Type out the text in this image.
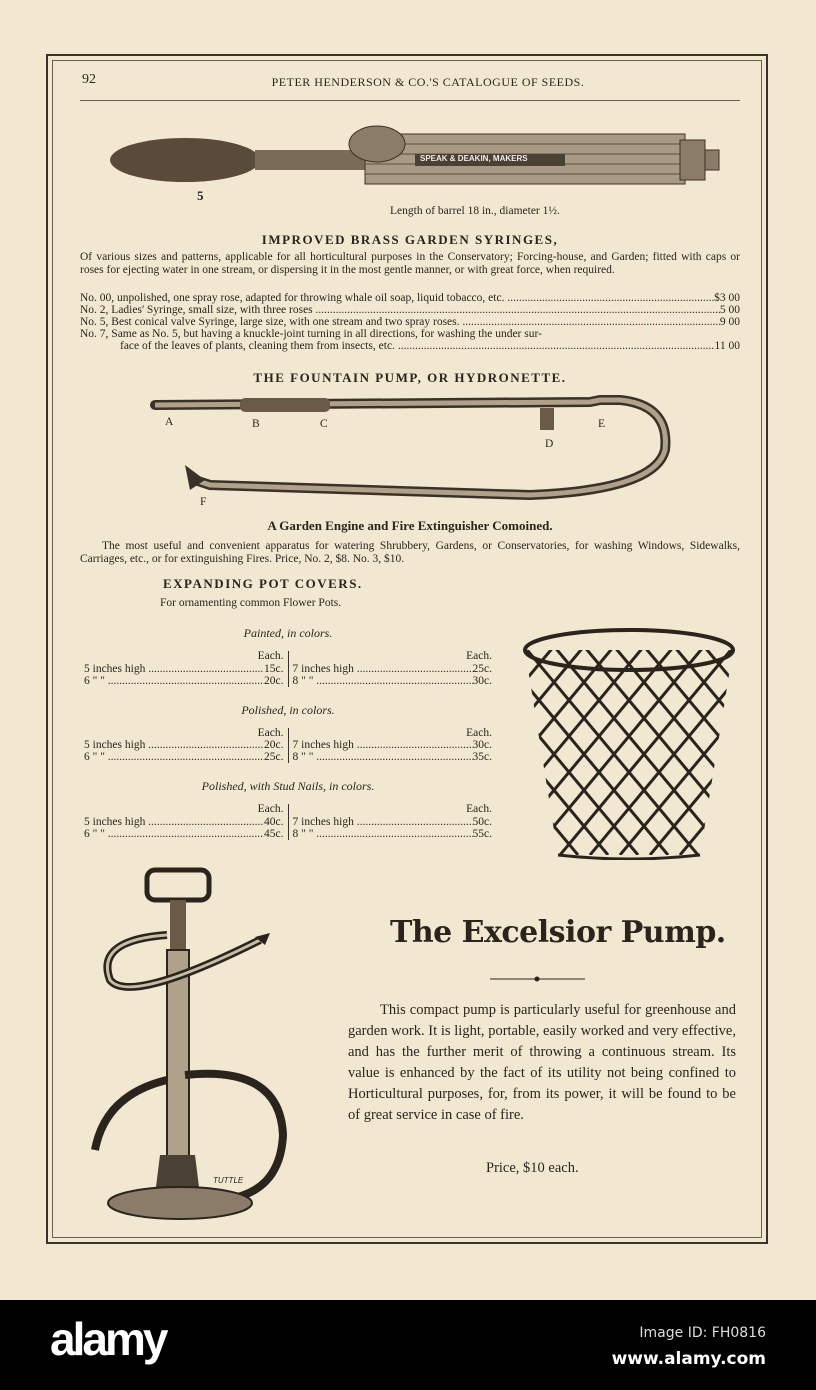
92	PETER HENDERSON & CO.'S CATALOGUE OF SEEDS.
SPEAK & DEAKIN, MAKERS
5
Length of barrel 18 in., diameter 1½.
IMPROVED BRASS GARDEN SYRINGES,
Of various sizes and patterns, applicable for all horticultural purposes in the Conservatory; Forcing-house, and Garden; fitted with caps or roses for ejecting water in one stream, or dispersing it in the most gentle manner, or with great force, when required.
No. 00, unpolished, one spray rose, adapted for throwing whale oil soap, liquid tobacco, etc. .....	$3 00
No. 2, Ladies' Syringe, small size, with three roses .....	5 00
No. 5, Best conical valve Syringe, large size, with one stream and two spray roses. .....	9 00
No. 7, Same as No. 5, but having a knuckle-joint turning in all directions, for washing the under sur-
face of the leaves of plants, cleaning them from insects, etc. .....	11 00
THE FOUNTAIN PUMP, OR HYDRONETTE.
A	B	C
D
E
F
A Garden Engine and Fire Extinguisher Comoined.
The most useful and convenient apparatus for watering Shrubbery, Gardens, or Conservatories, for washing Windows, Sidewalks, Carriages, etc., or for extinguishing Fires. Price, No. 2, $8. No. 3, $10.
EXPANDING POT COVERS.
For ornamenting common Flower Pots.
Painted, in colors.
Each.
5 inches high .....	15c.
6 " " .....	20c.
Each.
7 inches high .....	25c.
8 " " .....	30c.
Polished, in colors.
Each.
5 inches high .....	20c.
6 " " .....	25c.
Each.
7 inches high .....	30c.
8 " " .....	35c.
Polished, with Stud Nails, in colors.
Each.
5 inches high .....	40c.
6 " " .....	45c.
Each.
7 inches high .....	50c.
8 " " .....	55c.
TUTTLE
The Excelsior Pump.
This compact pump is particularly useful for greenhouse and garden work. It is light, portable, easily worked and very effective, and has the further merit of throwing a continuous stream. Its value is enhanced by the fact of its utility not being confined to Horticultural purposes, for, from its power, it will be found to be of great service in case of fire.
Price, $10 each.
alamy	Image ID: FH0816
www.alamy.com
